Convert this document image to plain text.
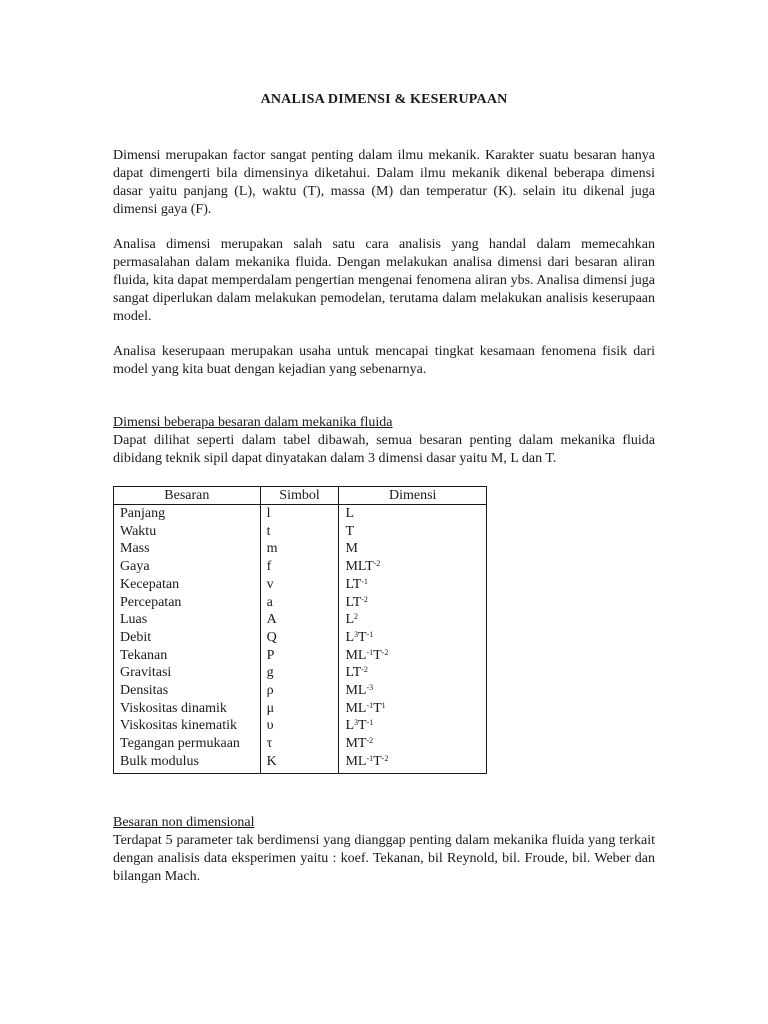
ANALISA DIMENSI & KESERUPAAN

Dimensi merupakan factor sangat penting dalam ilmu mekanik. Karakter suatu besaran hanya dapat dimengerti bila dimensinya diketahui. Dalam ilmu mekanik dikenal beberapa dimensi dasar yaitu panjang (L), waktu (T), massa (M) dan temperatur (K). selain itu dikenal juga dimensi gaya (F).

Analisa dimensi merupakan salah satu cara analisis yang handal dalam memecahkan permasalahan dalam mekanika fluida. Dengan melakukan analisa dimensi dari besaran aliran fluida, kita dapat memperdalam pengertian mengenai fenomena aliran ybs. Analisa dimensi juga sangat diperlukan dalam melakukan pemodelan, terutama dalam melakukan analisis keserupaan model.

Analisa keserupaan merupakan usaha untuk mencapai tingkat kesamaan fenomena fisik dari model yang kita buat dengan kejadian yang sebenarnya.

Dimensi beberapa besaran dalam mekanika fluida

Dapat dilihat seperti dalam tabel dibawah, semua besaran penting dalam mekanika fluida dibidang teknik sipil dapat dinyatakan dalam 3 dimensi dasar yaitu M, L dan T.

Besaran	Simbol	Dimensi
Panjang	l	L
Waktu	t	T
Mass	m	M
Gaya	f	$MLT^{-2}$
Kecepatan	v	$LT^{-1}$
Percepatan	a	$LT^{-2}$
Luas	A	$L^2$
Debit	Q	$L^3T^{-1}$
Tekanan	P	$ML^{-1}T^{-2}$
Gravitasi	g	$LT^{-2}$
Densitas	ρ	$ML^{-3}$
Viskositas dinamik	μ	$ML^{-1}T^1$
Viskositas kinematik	υ	$L^3T^{-1}$
Tegangan permukaan	τ	$MT^{-2}$
Bulk modulus	K	$ML^{-1}T^{-2}$

Besaran non dimensional

Terdapat 5 parameter tak berdimensi yang dianggap penting dalam mekanika fluida yang terkait dengan analisis data eksperimen yaitu : koef. Tekanan, bil Reynold, bil. Froude, bil. Weber dan bilangan Mach.
